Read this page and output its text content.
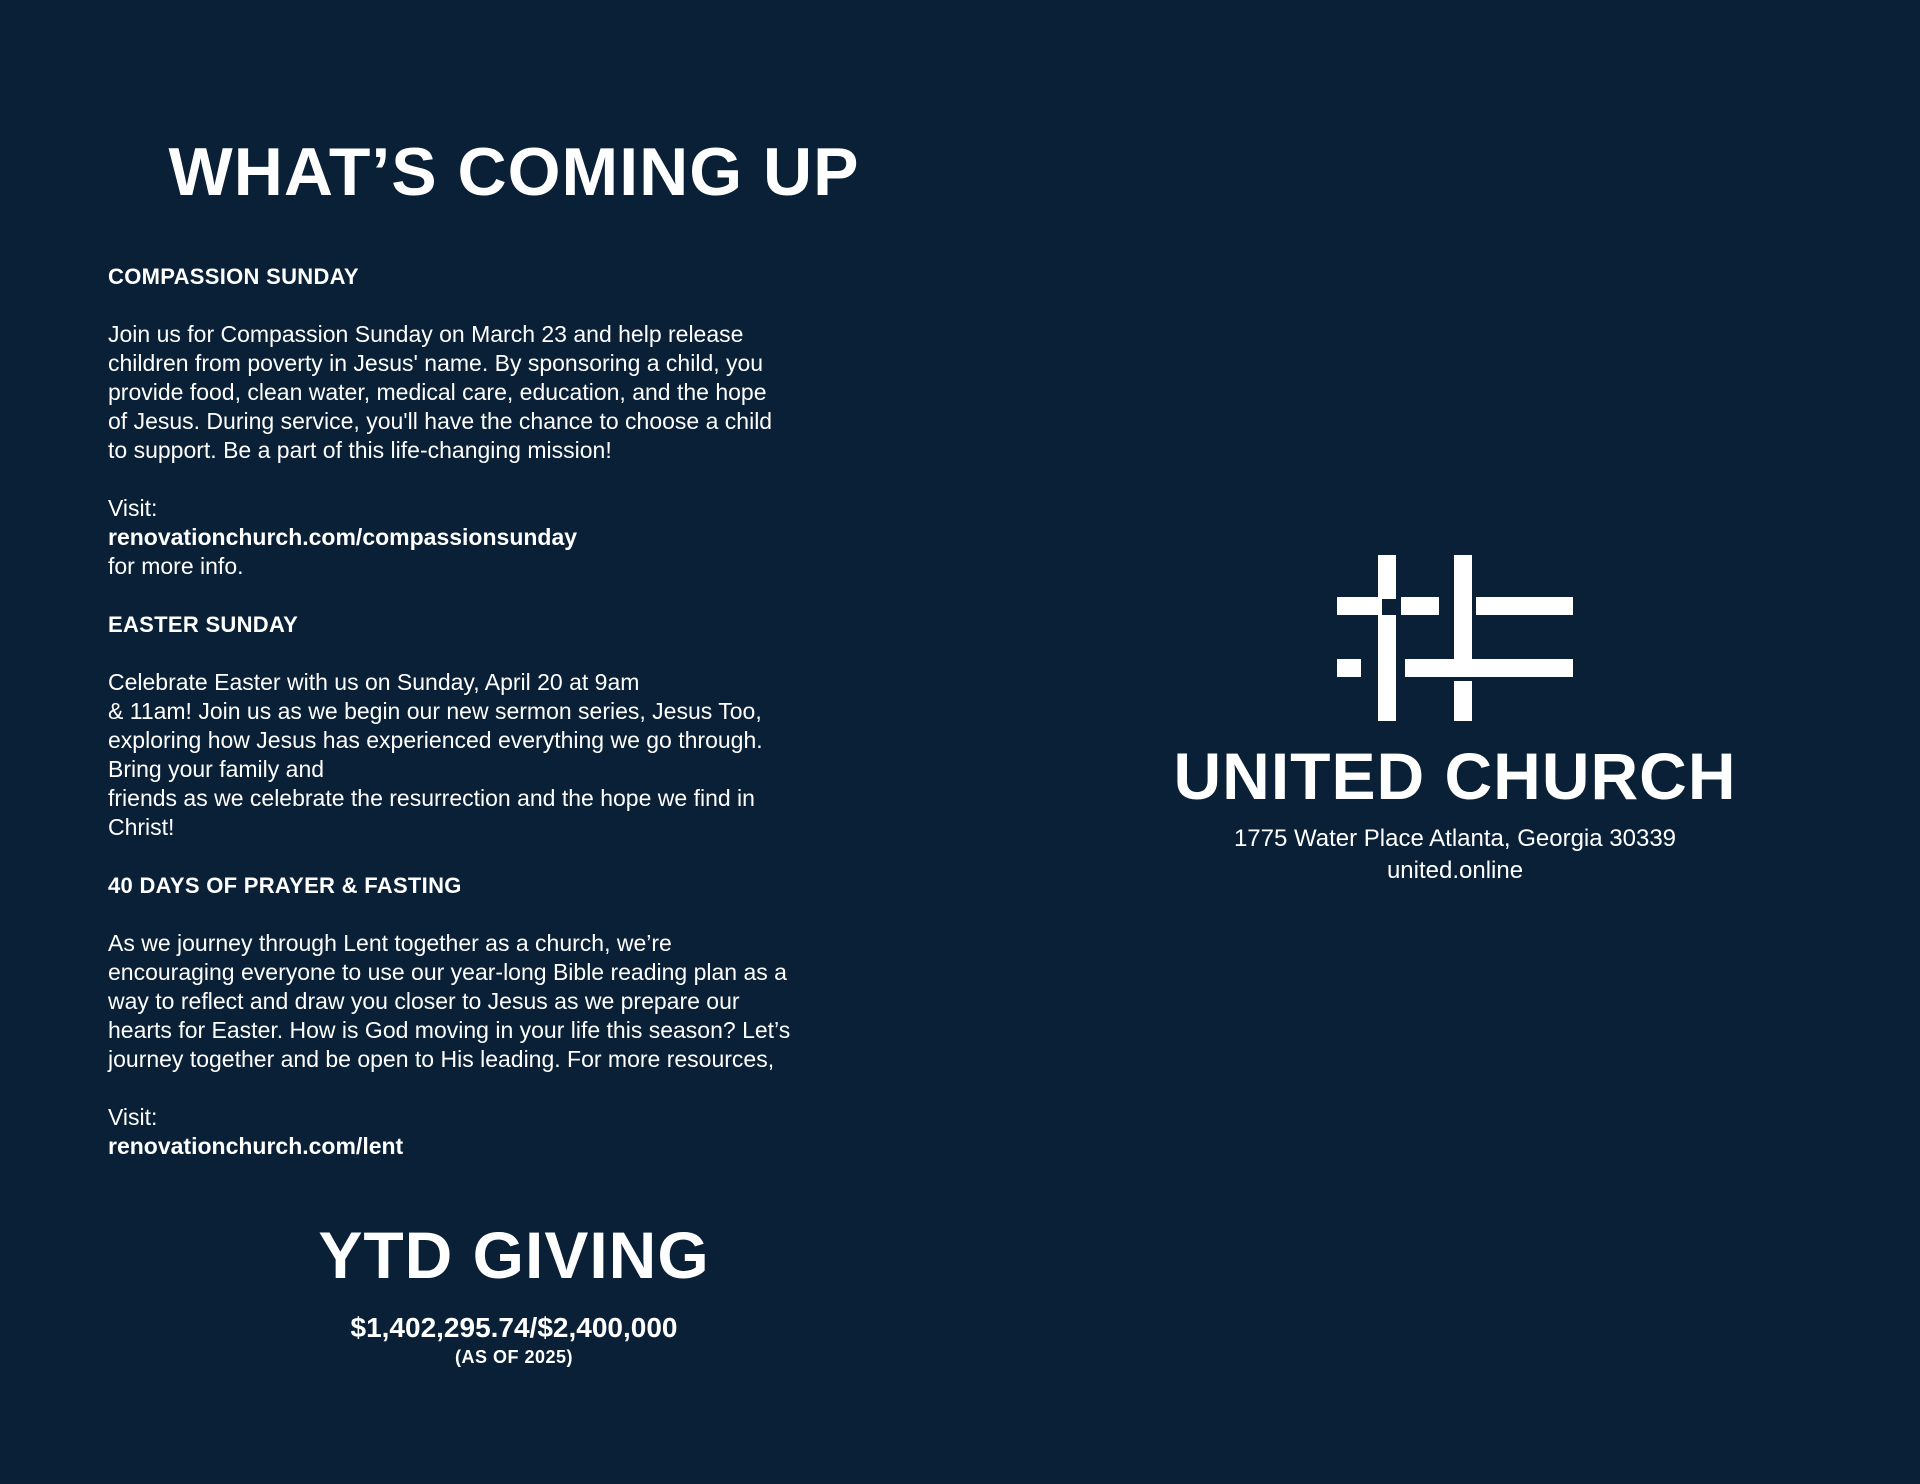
WHAT’S COMING UP

COMPASSION SUNDAY

Join us for Compassion Sunday on March 23 and help release
children from poverty in Jesus' name. By sponsoring a child, you
provide food, clean water, medical care, education, and the hope
of Jesus. During service, you'll have the chance to choose a child
to support. Be a part of this life-changing mission!

Visit:
renovationchurch.com/compassionsunday
for more info.

EASTER SUNDAY

Celebrate Easter with us on Sunday, April 20 at 9am
& 11am! Join us as we begin our new sermon series, Jesus Too,
exploring how Jesus has experienced everything we go through.
Bring your family and
friends as we celebrate the resurrection and the hope we find in
Christ!

40 DAYS OF PRAYER & FASTING

As we journey through Lent together as a church, we’re
encouraging everyone to use our year-long Bible reading plan as a
way to reflect and draw you closer to Jesus as we prepare our
hearts for Easter. How is God moving in your life this season? Let’s
journey together and be open to His leading. For more resources,

Visit:
renovationchurch.com/lent
YTD GIVING
$1,402,295.74/$2,400,000
(AS OF 2025)
UNITED CHURCH
1775 Water Place Atlanta, Georgia 30339
united.online
